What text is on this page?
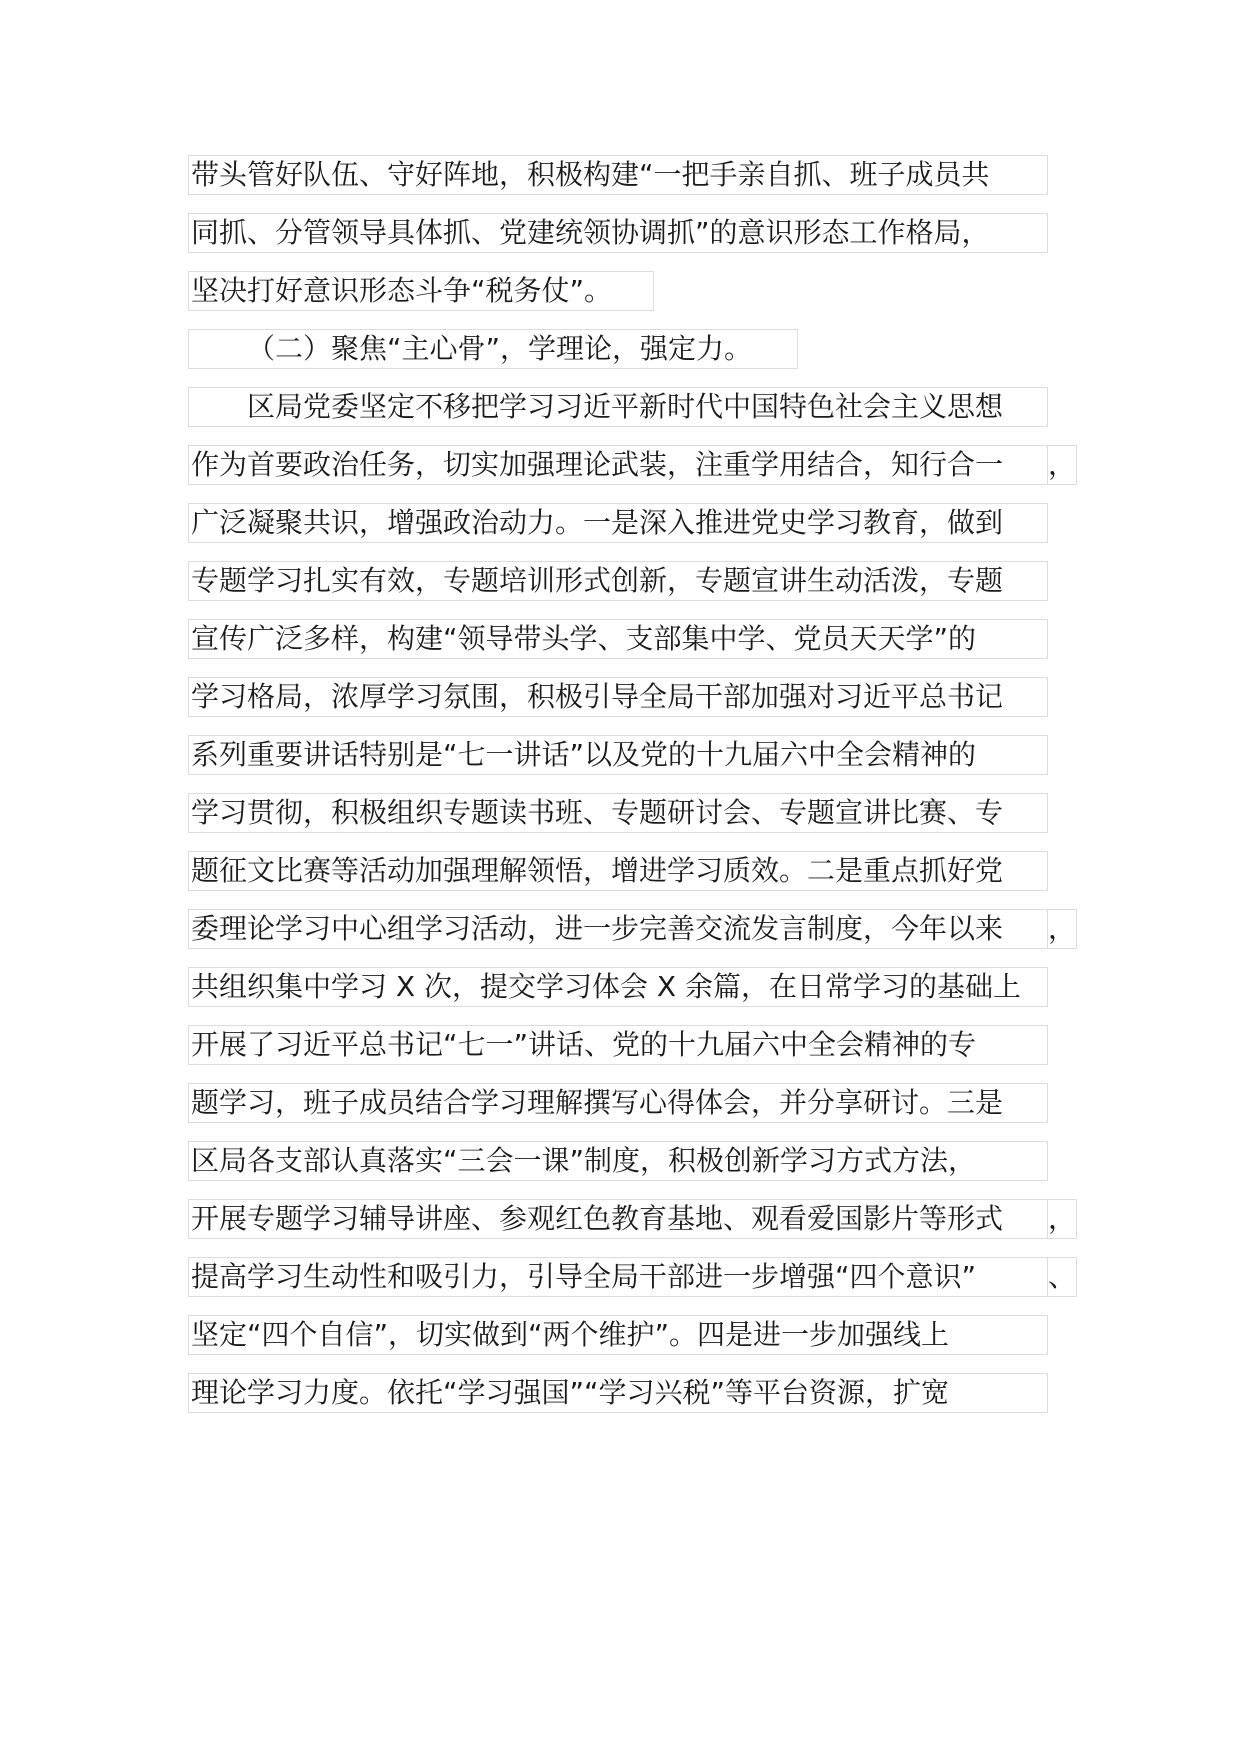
带头管好队伍、守好阵地，积极构建“一把手亲自抓、班子成员共
同抓、分管领导具体抓、党建统领协调抓”的意识形态工作格局，
坚决打好意识形态斗争“税务仗”。
（二）聚焦“主心骨”，学理论，强定力。
区局党委坚定不移把学习习近平新时代中国特色社会主义思想
作为首要政治任务，切实加强理论武装，注重学用结合，知行合一	，
广泛凝聚共识，增强政治动力。一是深入推进党史学习教育，做到
专题学习扎实有效，专题培训形式创新，专题宣讲生动活泼，专题
宣传广泛多样，构建“领导带头学、支部集中学、党员天天学”的
学习格局，浓厚学习氛围，积极引导全局干部加强对习近平总书记
系列重要讲话特别是“七一讲话”以及党的十九届六中全会精神的
学习贯彻，积极组织专题读书班、专题研讨会、专题宣讲比赛、专
题征文比赛等活动加强理解领悟，增进学习质效。二是重点抓好党
委理论学习中心组学习活动，进一步完善交流发言制度，今年以来	，
共组织集中学习 X 次，提交学习体会 X 余篇，在日常学习的基础上
开展了习近平总书记“七一”讲话、党的十九届六中全会精神的专
题学习，班子成员结合学习理解撰写心得体会，并分享研讨。三是
区局各支部认真落实“三会一课”制度，积极创新学习方式方法，
开展专题学习辅导讲座、参观红色教育基地、观看爱国影片等形式	，
提高学习生动性和吸引力，引导全局干部进一步增强“四个意识”	、
坚定“四个自信”，切实做到“两个维护”。四是进一步加强线上
理论学习力度。依托“学习强国”“学习兴税”等平台资源，扩宽
